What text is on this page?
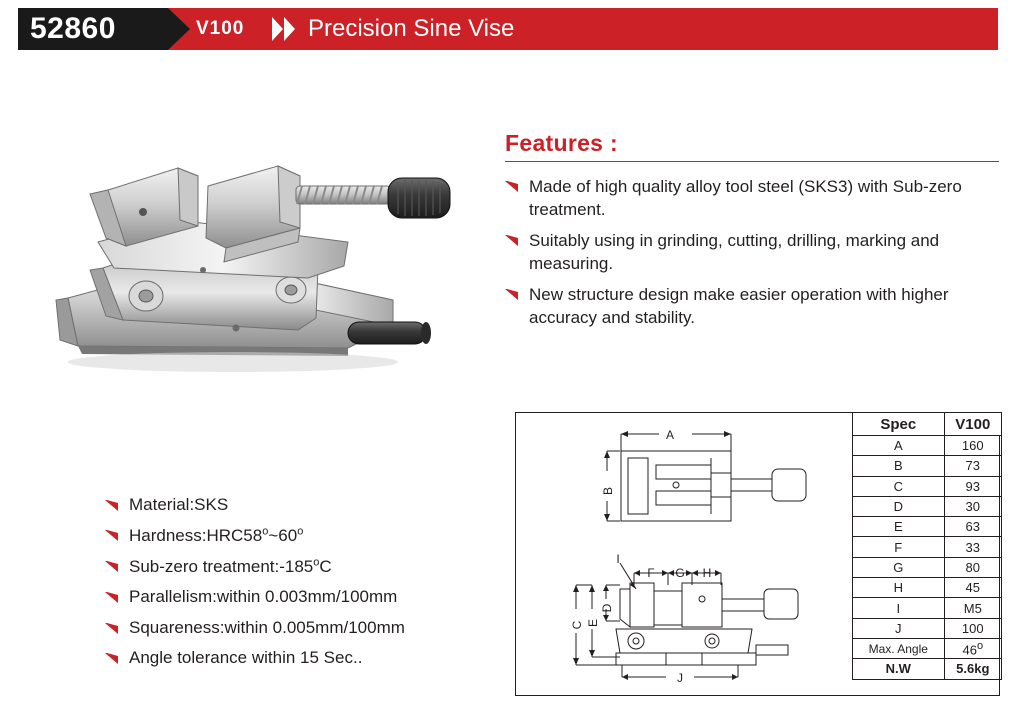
52860	V100	Precision Sine Vise
Features :
Made of high quality alloy tool steel (SKS3) with Sub-zero treatment.
Suitably using in grinding, cutting, drilling, marking and measuring.
New structure design make easier operation with higher accuracy and stability.
Material:SKS
Hardness:HRC58$^o$~60$^o$
Sub-zero treatment:-185$^o$C
Parallelism:within 0.003mm/100mm
Squareness:within 0.005mm/100mm
Angle tolerance within 15 Sec..
A
B
I
F G H
D
E
C
J
Spec	V100
A	160
B	73
C	93
D	30
E	63
F	33
G	80
H	45
I	M5
J	100
Max. Angle	46$^o$
N.W	5.6kg
